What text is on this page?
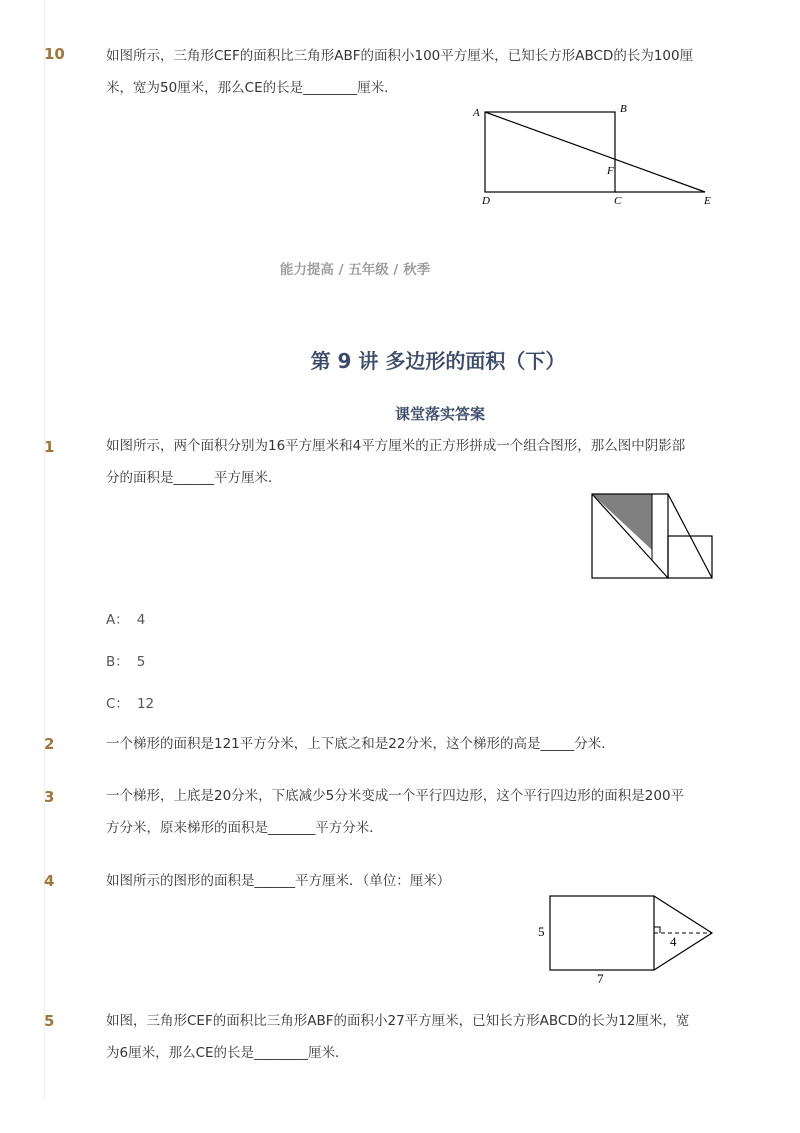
10	如图所示，三角形CEF的面积比三角形ABF的面积小100平方厘米，已知长方形ABCD的长为100厘
米，宽为50厘米，那么CE的长是________厘米．
A	B
F
D	C	E
能力提高 / 五年级 / 秋季
第 9 讲 多边形的面积（下）
课堂落实答案
1	如图所示，两个面积分别为16平方厘米和4平方厘米的正方形拼成一个组合图形，那么图中阴影部
分的面积是______平方厘米．
A： 4
B： 5
C： 12
2	一个梯形的面积是121平方分米，上下底之和是22分米，这个梯形的高是_____分米．
3	一个梯形，上底是20分米，下底减少5分米变成一个平行四边形，这个平行四边形的面积是200平
方分米，原来梯形的面积是_______平方分米．
4	如图所示的图形的面积是______平方厘米．（单位：厘米）
5
7
4
5	如图，三角形CEF的面积比三角形ABF的面积小27平方厘米，已知长方形ABCD的长为12厘米，宽
为6厘米，那么CE的长是________厘米．
